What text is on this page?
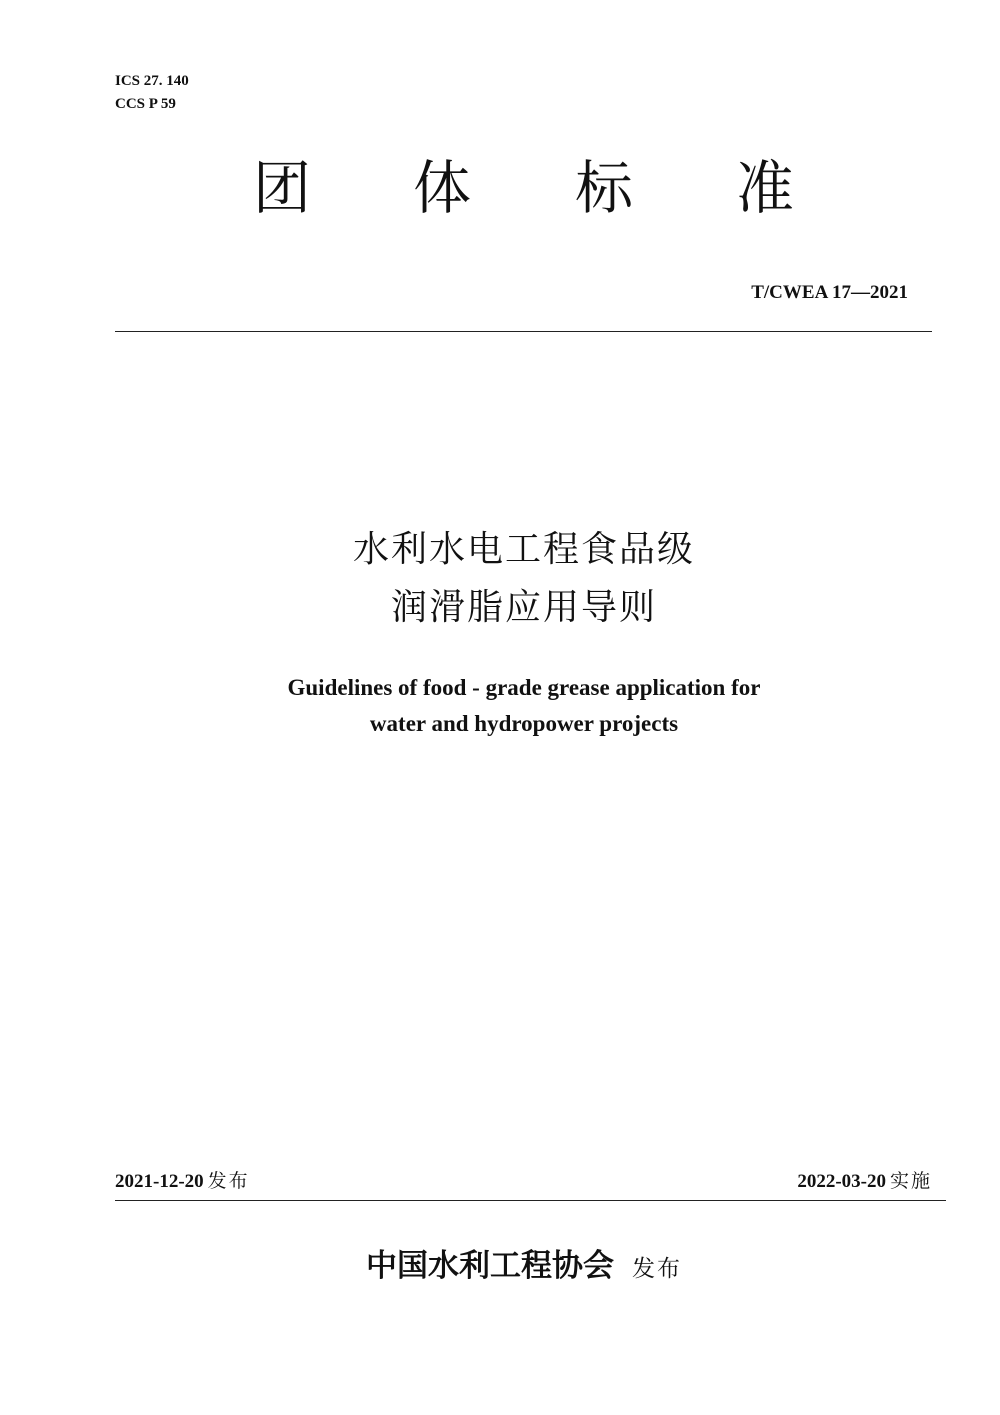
ICS 27. 140
CCS P 59
团 体 标 准
T/CWEA 17—2021
水利水电工程食品级
润滑脂应用导则
Guidelines of food - grade grease application for
water and hydropower projects
2021-12-20 发布	2022-03-20 实施
中国水利工程协会 发布
